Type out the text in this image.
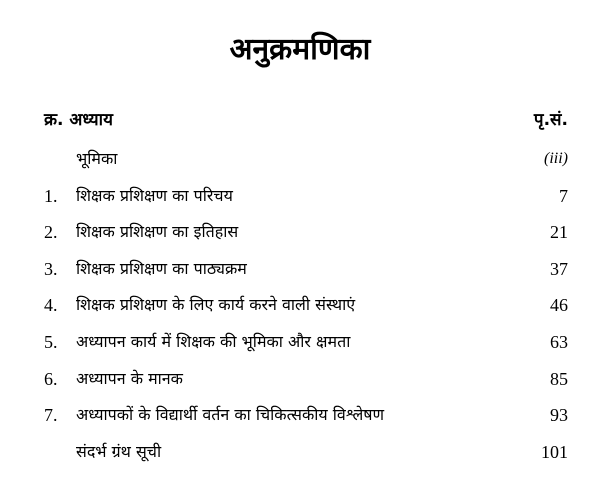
अनुक्रमणिका
क्र. अध्याय	पृ.सं.
भूमिका	(iii)
1. शिक्षक प्रशिक्षण का परिचय	7
2. शिक्षक प्रशिक्षण का इतिहास	21
3. शिक्षक प्रशिक्षण का पाठ्यक्रम	37
4. शिक्षक प्रशिक्षण के लिए कार्य करने वाली संस्थाएं	46
5. अध्यापन कार्य में शिक्षक की भूमिका और क्षमता	63
6. अध्यापन के मानक	85
7. अध्यापकों के विद्यार्थी वर्तन का चिकित्सकीय विश्लेषण	93
संदर्भ ग्रंथ सूची	101
